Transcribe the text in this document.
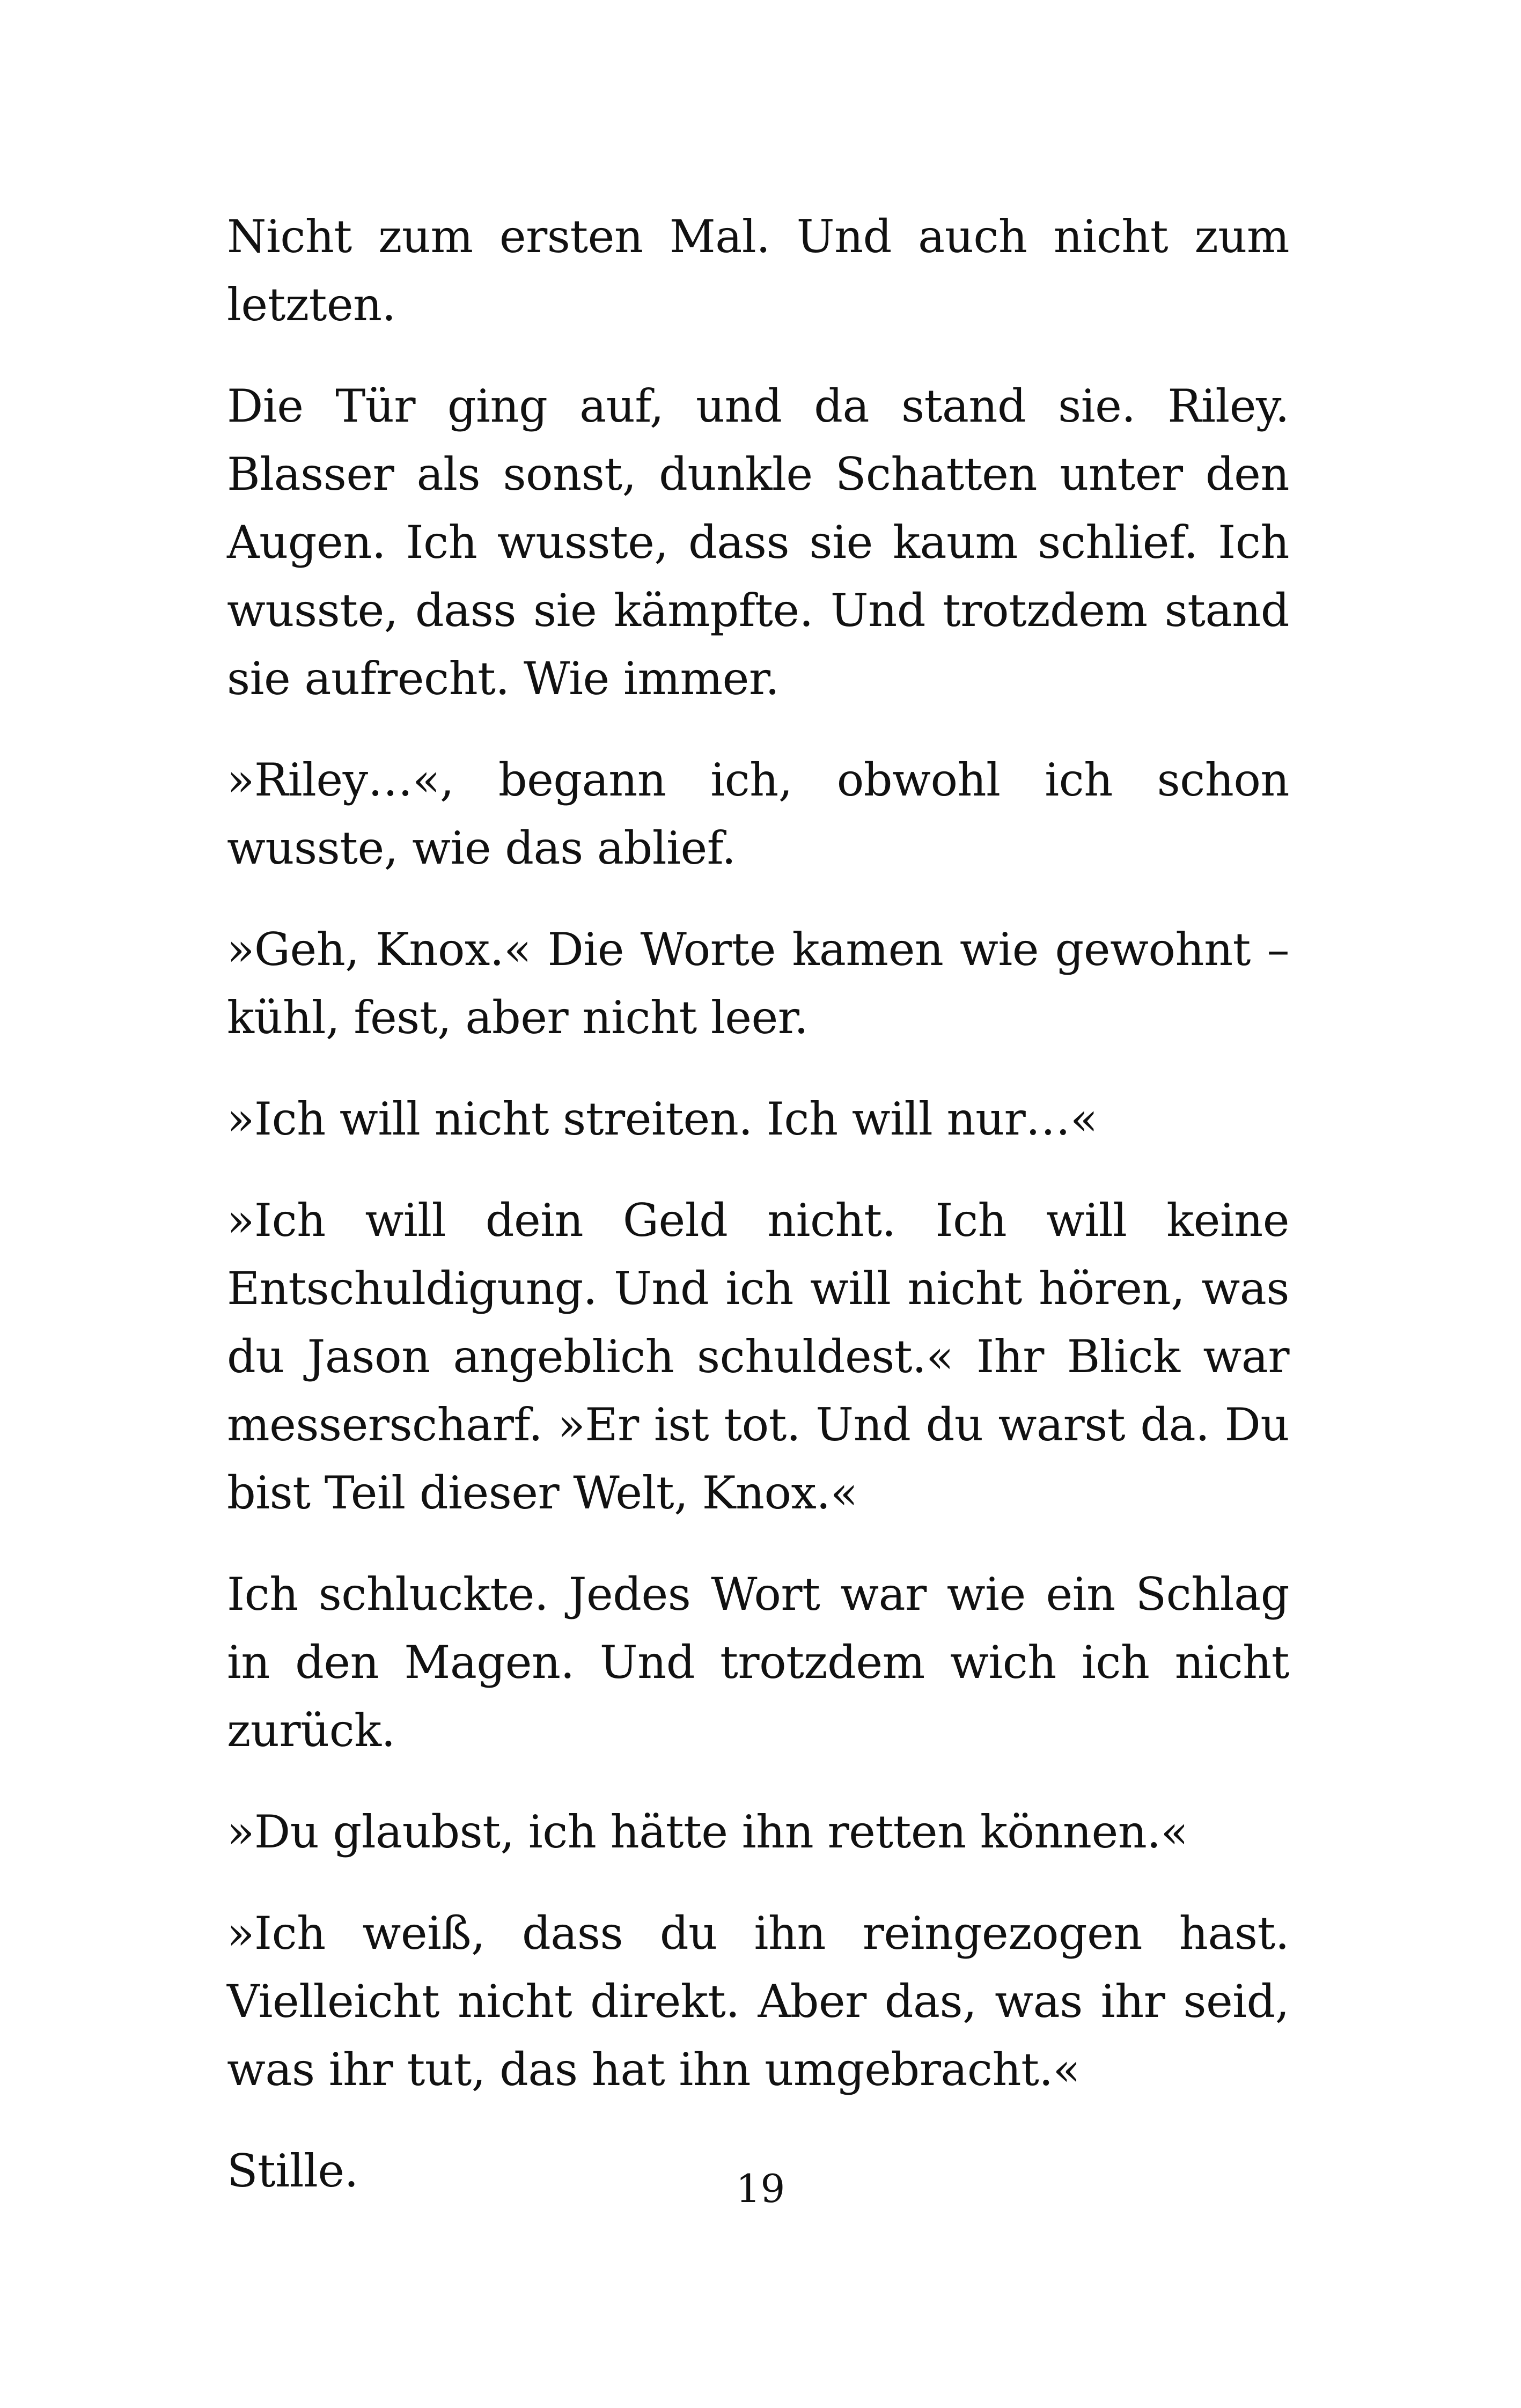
Nicht zum ersten Mal. Und auch nicht zum letzten.

Die Tür ging auf, und da stand sie. Riley. Blasser als sonst, dunkle Schatten unter den Augen. Ich wusste, dass sie kaum schlief. Ich wusste, dass sie kämpfte. Und trotzdem stand sie aufrecht. Wie immer.

»Riley…«, begann ich, obwohl ich schon wusste, wie das ablief.

»Geh, Knox.« Die Worte kamen wie gewohnt – kühl, fest, aber nicht leer.

»Ich will nicht streiten. Ich will nur…«

»Ich will dein Geld nicht. Ich will keine Entschuldigung. Und ich will nicht hören, was du Jason angeblich schuldest.« Ihr Blick war messerscharf. »Er ist tot. Und du warst da. Du bist Teil dieser Welt, Knox.«

Ich schluckte. Jedes Wort war wie ein Schlag in den Magen. Und trotzdem wich ich nicht zurück.

»Du glaubst, ich hätte ihn retten können.«

»Ich weiß, dass du ihn reingezogen hast. Vielleicht nicht direkt. Aber das, was ihr seid, was ihr tut, das hat ihn umgebracht.«

Stille.	19
